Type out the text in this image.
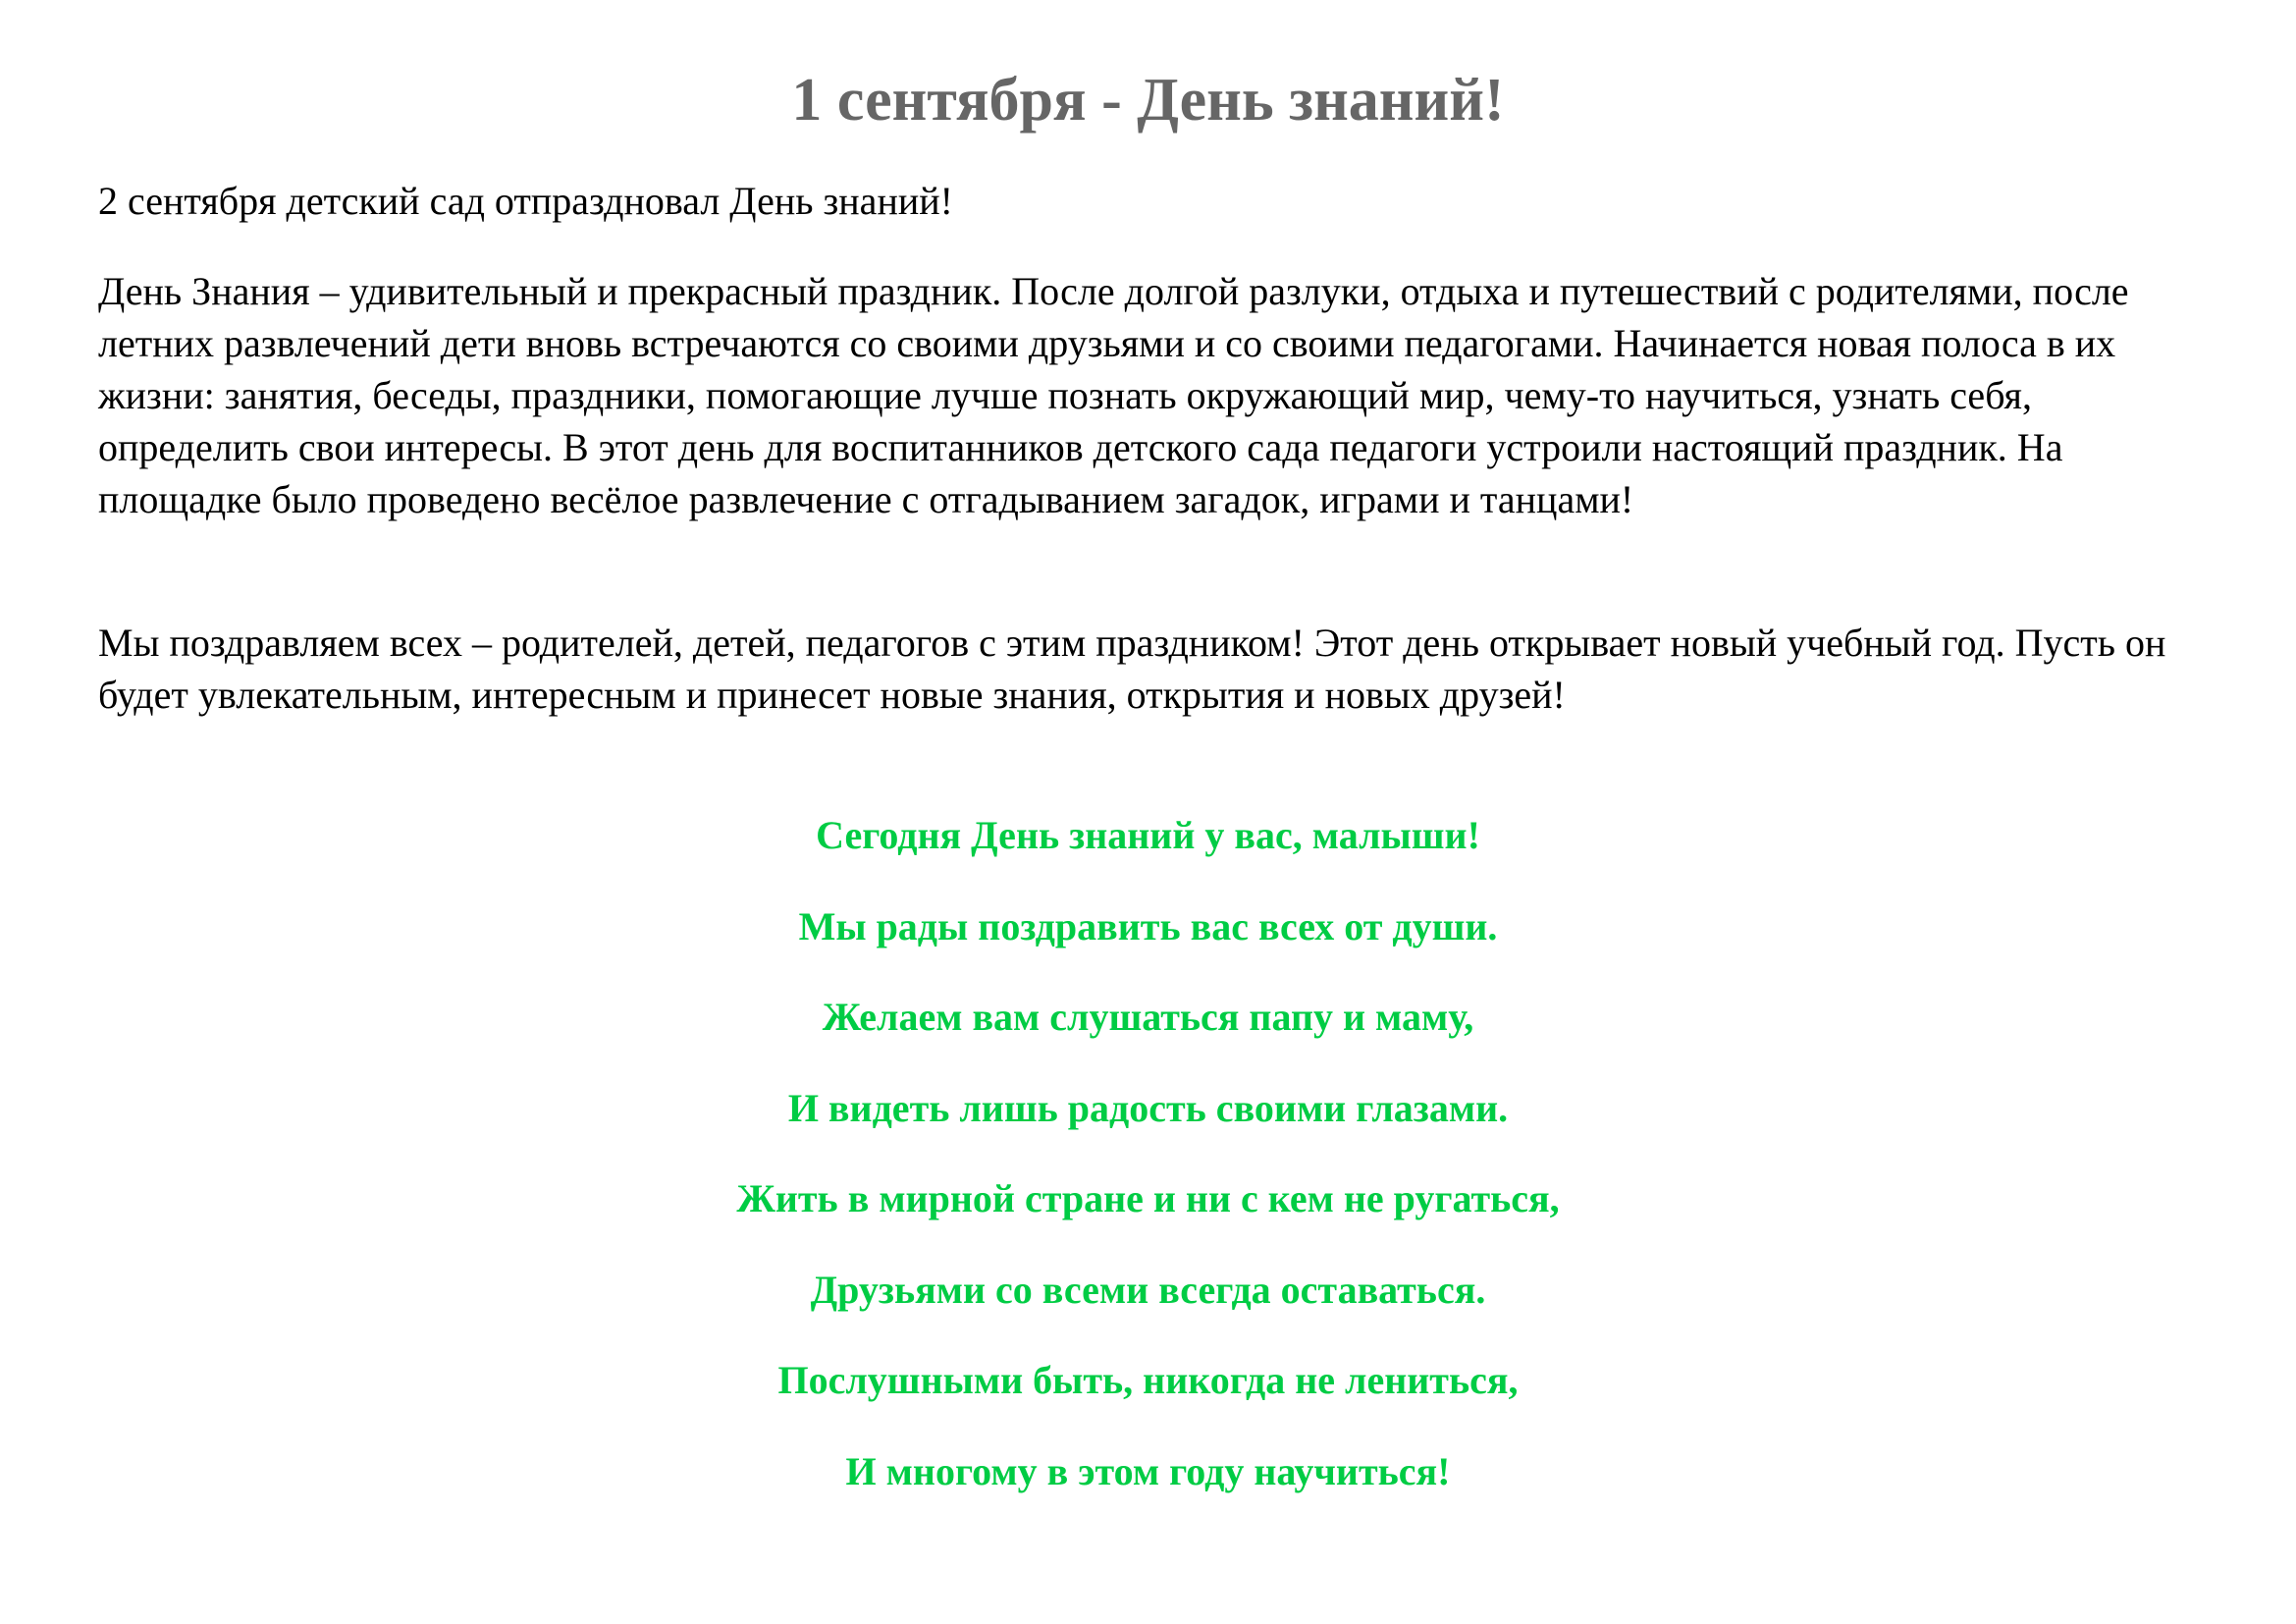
1 сентября - День знаний!

2 сентября детский сад отпраздновал День знаний!

День Знания – удивительный и прекрасный праздник. После долгой разлуки, отдыха и путешествий с родителями, после летних развлечений дети вновь встречаются со своими друзьями и со своими педагогами. Начинается новая полоса в их жизни: занятия, беседы, праздники, помогающие лучше познать окружающий мир, чему-то научиться, узнать себя, определить свои интересы. В этот день для воспитанников детского сада педагоги устроили настоящий праздник. На площадке было проведено весёлое развлечение с отгадыванием загадок, играми и танцами!

Мы поздравляем всех – родителей, детей, педагогов с этим праздником! Этот день открывает новый учебный год. Пусть он будет увлекательным, интересным и принесет новые знания, открытия и новых друзей!

Сегодня День знаний у вас, малыши!

Мы рады поздравить вас всех от души.

Желаем вам слушаться папу и маму,

И видеть лишь радость своими глазами.

Жить в мирной стране и ни с кем не ругаться,

Друзьями со всеми всегда оставаться.

Послушными быть, никогда не лениться,

И многому в этом году научиться!
